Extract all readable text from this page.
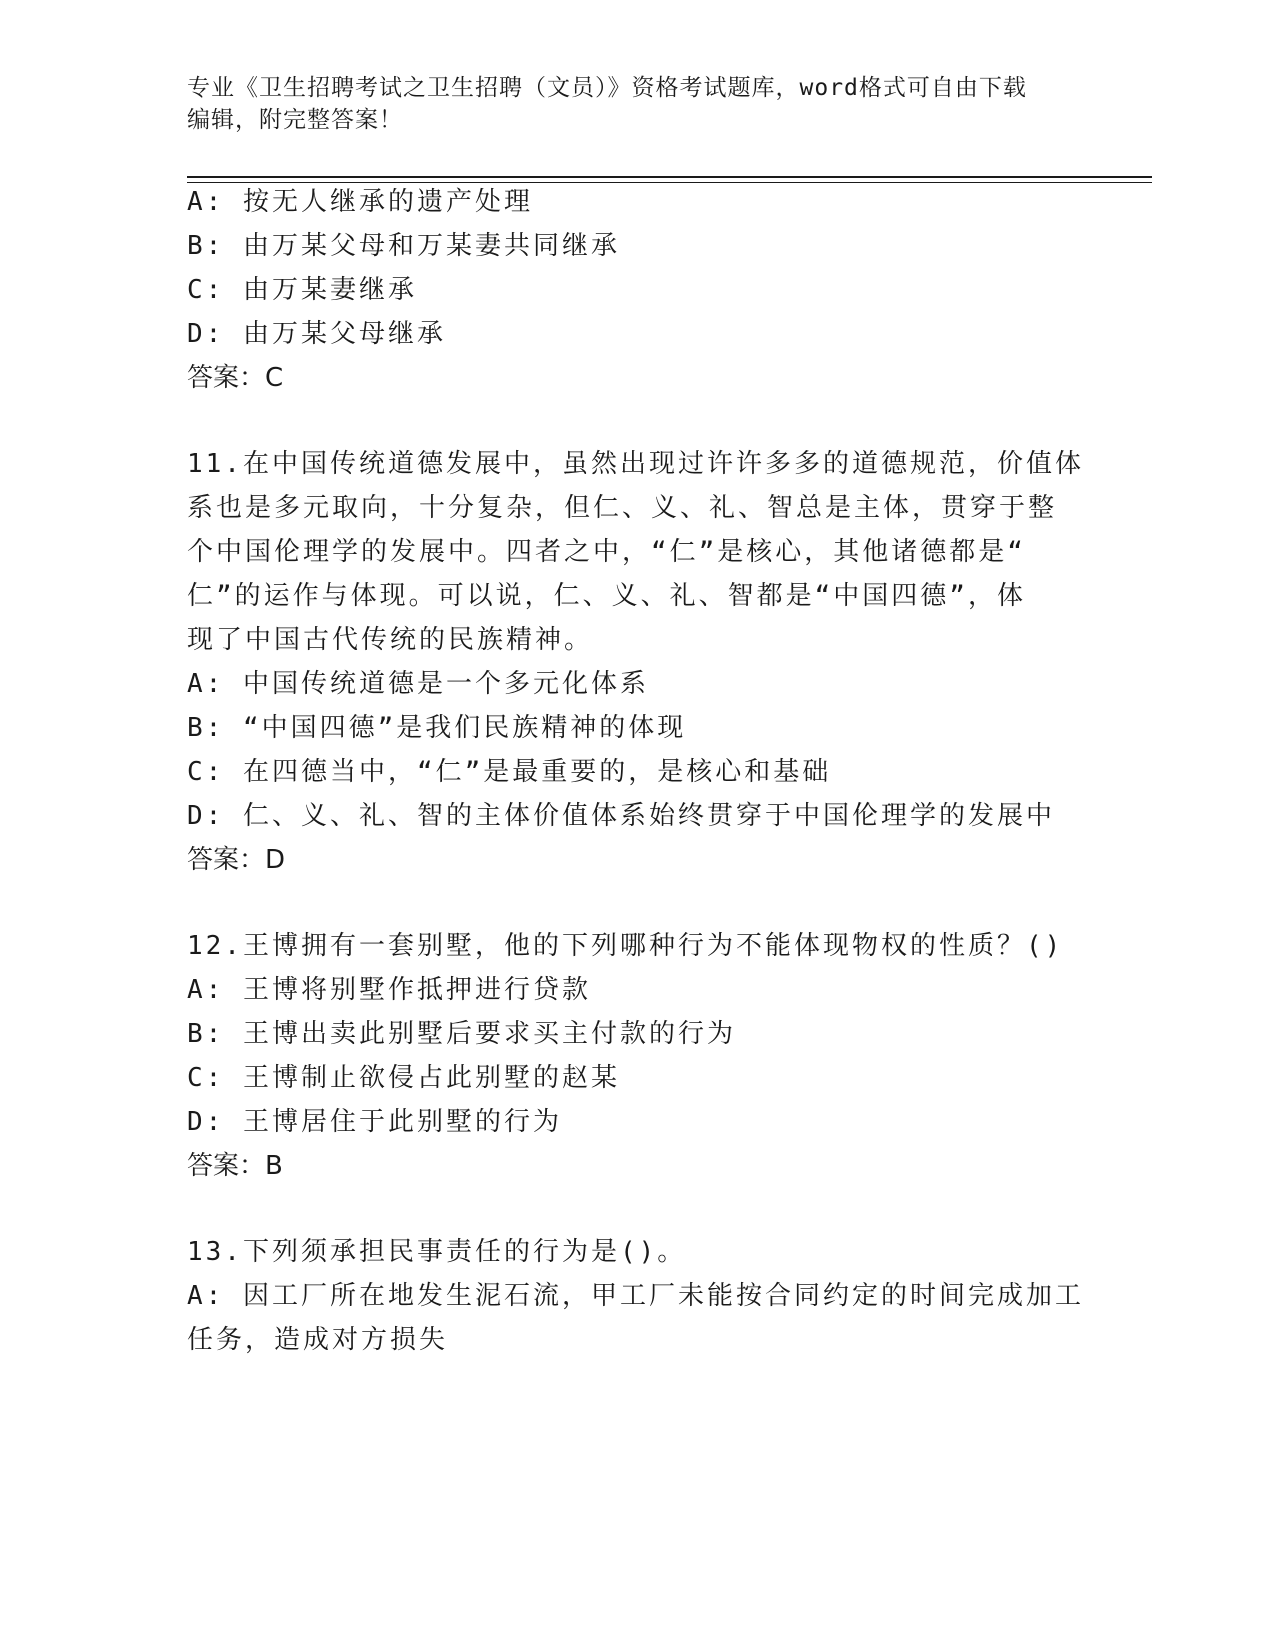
专业《卫生招聘考试之卫生招聘（文员）》资格考试题库，word格式可自由下载
编辑，附完整答案！
A: 按无人继承的遗产处理
B: 由万某父母和万某妻共同继承
C: 由万某妻继承
D: 由万某父母继承
答案：C
11.在中国传统道德发展中，虽然出现过许许多多的道德规范，价值体
系也是多元取向，十分复杂，但仁、义、礼、智总是主体，贯穿于整
个中国伦理学的发展中。四者之中，“仁”是核心，其他诸德都是“
仁”的运作与体现。可以说，仁、义、礼、智都是“中国四德”，体
现了中国古代传统的民族精神。
A: 中国传统道德是一个多元化体系
B: “中国四德”是我们民族精神的体现
C: 在四德当中，“仁”是最重要的，是核心和基础
D: 仁、义、礼、智的主体价值体系始终贯穿于中国伦理学的发展中
答案：D
12.王博拥有一套别墅，他的下列哪种行为不能体现物权的性质？()
A: 王博将别墅作抵押进行贷款
B: 王博出卖此别墅后要求买主付款的行为
C: 王博制止欲侵占此别墅的赵某
D: 王博居住于此别墅的行为
答案：B
13.下列须承担民事责任的行为是()。
A: 因工厂所在地发生泥石流，甲工厂未能按合同约定的时间完成加工
任务，造成对方损失
